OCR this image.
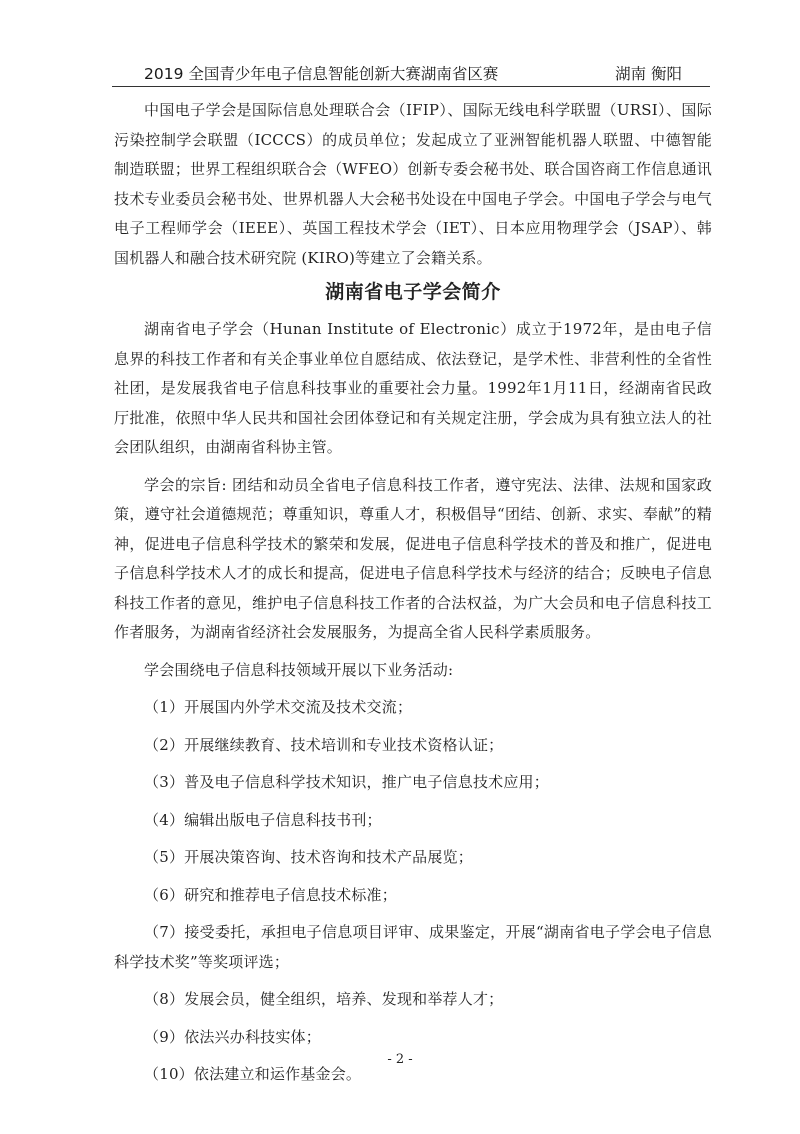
2019 全国青少年电子信息智能创新大赛湖南省区赛	湖南 衡阳

中国电子学会是国际信息处理联合会（IFIP）、国际无线电科学联盟（URSI）、国际污染控制学会联盟（ICCCS）的成员单位；发起成立了亚洲智能机器人联盟、中德智能制造联盟；世界工程组织联合会（WFEO）创新专委会秘书处、联合国咨商工作信息通讯技术专业委员会秘书处、世界机器人大会秘书处设在中国电子学会。中国电子学会与电气电子工程师学会（IEEE）、英国工程技术学会（IET）、日本应用物理学会（JSAP）、韩国机器人和融合技术研究院 (KIRO)等建立了会籍关系。

湖南省电子学会简介

湖南省电子学会（Hunan Institute of Electronic）成立于1972年，是由电子信息界的科技工作者和有关企事业单位自愿结成、依法登记，是学术性、非营利性的全省性社团，是发展我省电子信息科技事业的重要社会力量。1992年1月11日，经湖南省民政厅批准，依照中华人民共和国社会团体登记和有关规定注册，学会成为具有独立法人的社会团队组织，由湖南省科协主管。

学会的宗旨: 团结和动员全省电子信息科技工作者，遵守宪法、法律、法规和国家政策，遵守社会道德规范；尊重知识，尊重人才，积极倡导“团结、创新、求实、奉献”的精神，促进电子信息科学技术的繁荣和发展，促进电子信息科学技术的普及和推广，促进电子信息科学技术人才的成长和提高，促进电子信息科学技术与经济的结合；反映电子信息科技工作者的意见，维护电子信息科技工作者的合法权益，为广大会员和电子信息科技工作者服务，为湖南省经济社会发展服务，为提高全省人民科学素质服务。

学会围绕电子信息科技领域开展以下业务活动:

（1）开展国内外学术交流及技术交流；
（2）开展继续教育、技术培训和专业技术资格认证；
（3）普及电子信息科学技术知识，推广电子信息技术应用；
（4）编辑出版电子信息科技书刊；
（5）开展决策咨询、技术咨询和技术产品展览；
（6）研究和推荐电子信息技术标准；
（7）接受委托，承担电子信息项目评审、成果鉴定，开展“湖南省电子学会电子信息科学技术奖”等奖项评选；
（8）发展会员，健全组织，培养、发现和举荐人才；
（9）依法兴办科技实体；
（10）依法建立和运作基金会。
- 2 -
